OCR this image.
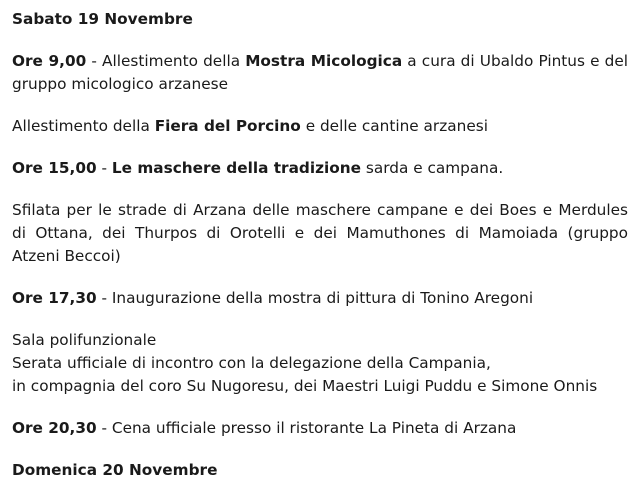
Sabato 19 Novembre

Ore 9,00 - Allestimento della Mostra Micologica a cura di Ubaldo Pintus e del gruppo micologico arzanese

Allestimento della Fiera del Porcino e delle cantine arzanesi

Ore 15,00 - Le maschere della tradizione sarda e campana.

Sfilata per le strade di Arzana delle maschere campane e dei Boes e Merdules di Ottana, dei Thurpos di Orotelli e dei Mamuthones di Mamoiada (gruppo Atzeni Beccoi)

Ore 17,30 - Inaugurazione della mostra di pittura di Tonino Aregoni

Sala polifunzionale
Serata ufficiale di incontro con la delegazione della Campania,
in compagnia del coro Su Nugoresu, dei Maestri Luigi Puddu e Simone Onnis

Ore 20,30 - Cena ufficiale presso il ristorante La Pineta di Arzana

Domenica 20 Novembre
